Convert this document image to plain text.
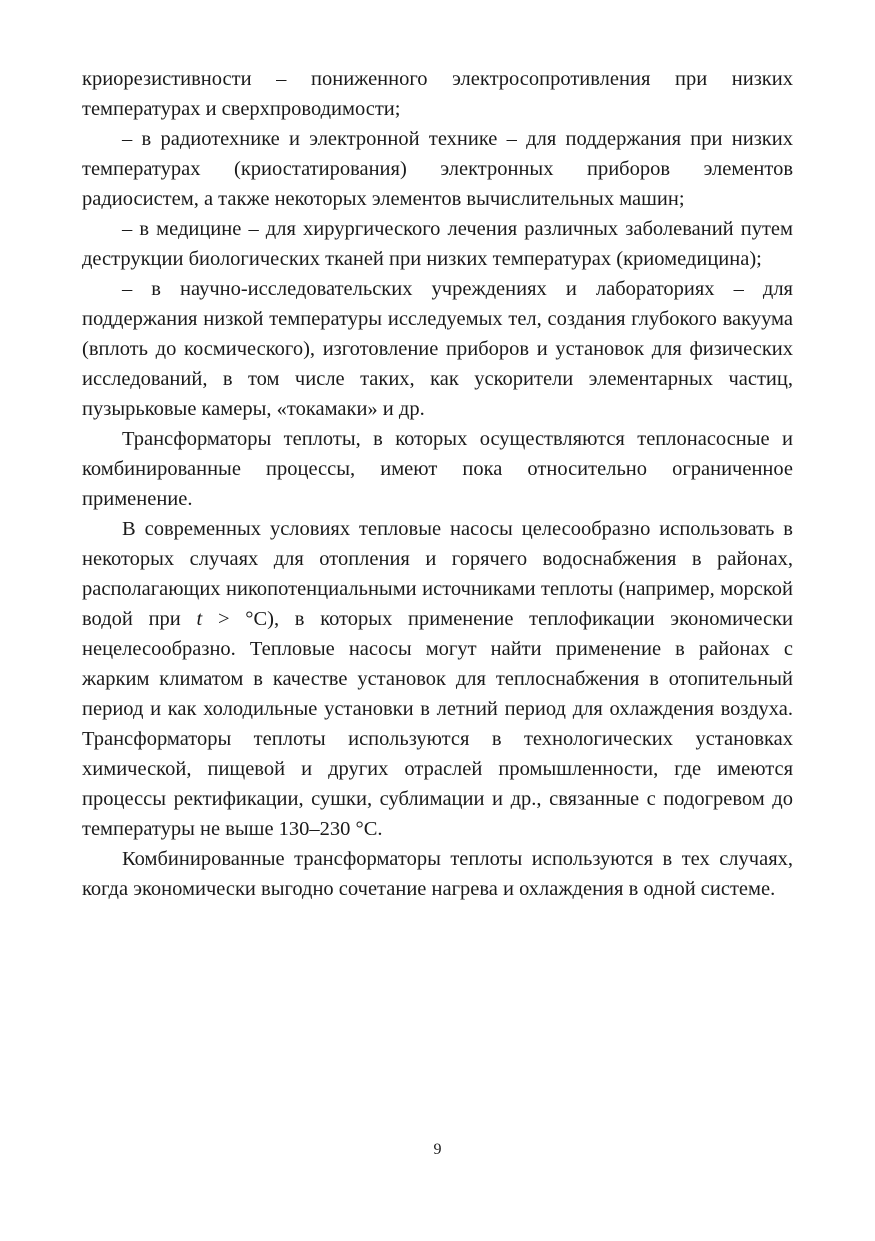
криорезистивности – пониженного электросопротивления при низких температурах и сверхпроводимости;

– в радиотехнике и электронной технике – для поддержания при низких температурах (криостатирования) электронных приборов элементов радиосистем, а также некоторых элементов вычислительных машин;

– в медицине – для хирургического лечения различных заболеваний путем деструкции биологических тканей при низких температурах (криомедицина);

– в научно-исследовательских учреждениях и лабораториях – для поддержания низкой температуры исследуемых тел, создания глубокого вакуума (вплоть до космического), изготовление приборов и установок для физических исследований, в том числе таких, как ускорители элементарных частиц, пузырьковые камеры, «токамаки» и др.

Трансформаторы теплоты, в которых осуществляются теплонасосные и комбинированные процессы, имеют пока относительно ограниченное применение.

В современных условиях тепловые насосы целесообразно использовать в некоторых случаях для отопления и горячего водоснабжения в районах, располагающих никопотенциальными источниками теплоты (например, морской водой при t > °С), в которых применение теплофикации экономически нецелесообразно. Тепловые насосы могут найти применение в районах с жарким климатом в качестве установок для теплоснабжения в отопительный период и как холодильные установки в летний период для охлаждения воздуха. Трансформаторы теплоты используются в технологических установках химической, пищевой и других отраслей промышленности, где имеются процессы ректификации, сушки, сублимации и др., связанные с подогревом до температуры не выше 130–230 °С.

Комбинированные трансформаторы теплоты используются в тех случаях, когда экономически выгодно сочетание нагрева и охлаждения в одной системе.

9
